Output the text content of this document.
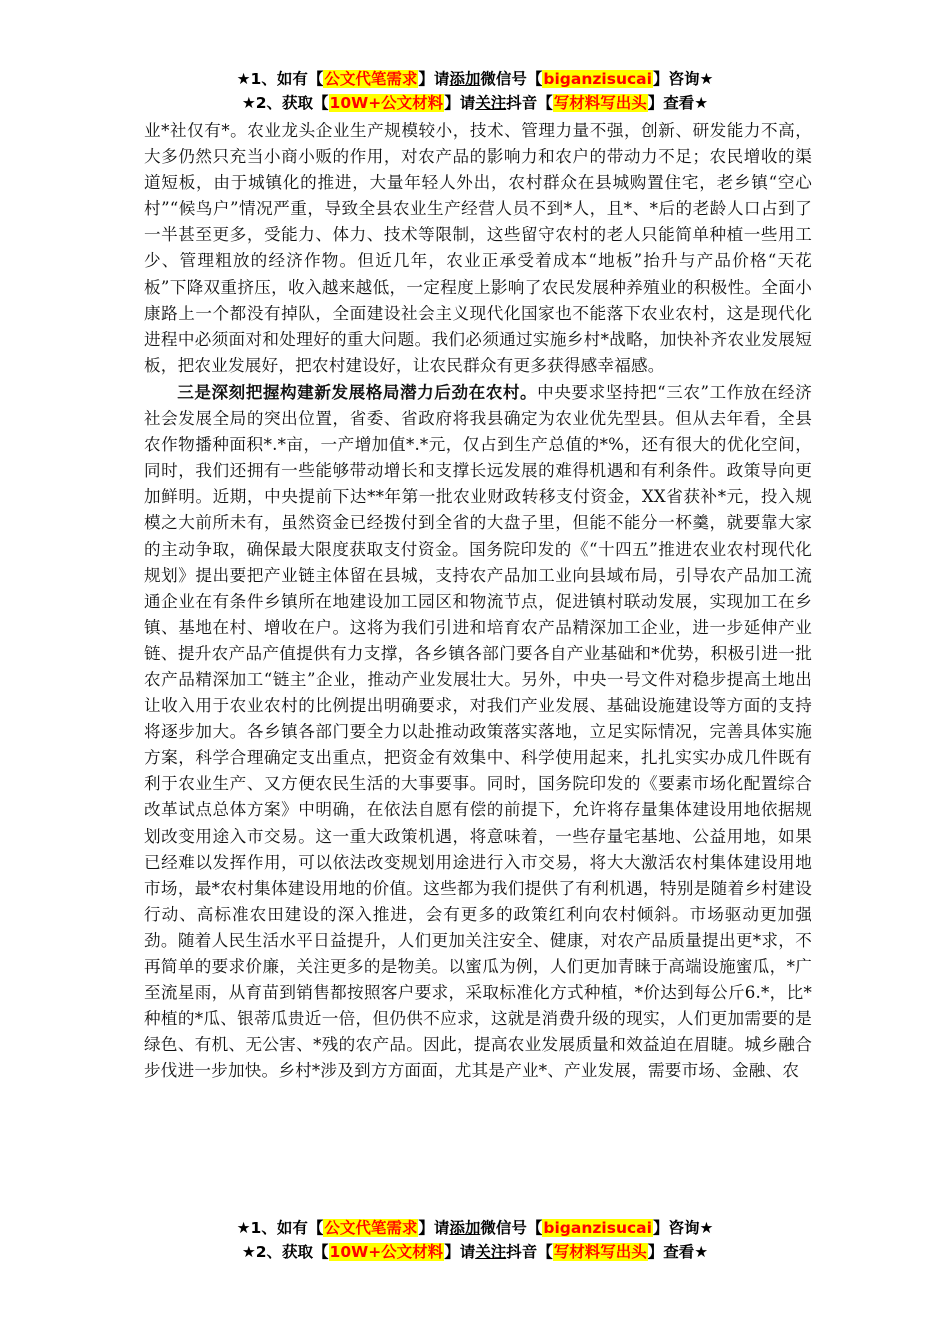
★1、如有【公文代笔需求】请添加微信号【biganzisucai】咨询★
★2、获取【10W+公文材料】请关注抖音【写材料写出头】查看★

业*社仅有*。农业龙头企业生产规模较小，技术、管理力量不强，创新、研发能力不高，大多仍然只充当小商小贩的作用，对农产品的影响力和农户的带动力不足；农民增收的渠道短板，由于城镇化的推进，大量年轻人外出，农村群众在县城购置住宅，老乡镇“空心村”“候鸟户”情况严重，导致全县农业生产经营人员不到*人，且*、*后的老龄人口占到了一半甚至更多，受能力、体力、技术等限制，这些留守农村的老人只能简单种植一些用工少、管理粗放的经济作物。但近几年，农业正承受着成本“地板”抬升与产品价格“天花板”下降双重挤压，收入越来越低，一定程度上影响了农民发展种养殖业的积极性。全面小康路上一个都没有掉队，全面建设社会主义现代化国家也不能落下农业农村，这是现代化进程中必须面对和处理好的重大问题。我们必须通过实施乡村*战略，加快补齐农业发展短板，把农业发展好，把农村建设好，让农民群众有更多获得感幸福感。

三是深刻把握构建新发展格局潜力后劲在农村。中央要求坚持把“三农”工作放在经济社会发展全局的突出位置，省委、省政府将我县确定为农业优先型县。但从去年看，全县农作物播种面积*.*亩，一产增加值*.*元，仅占到生产总值的*%，还有很大的优化空间，同时，我们还拥有一些能够带动增长和支撑长远发展的难得机遇和有利条件。政策导向更加鲜明。近期，中央提前下达**年第一批农业财政转移支付资金，XX省获补*元，投入规模之大前所未有，虽然资金已经拨付到全省的大盘子里，但能不能分一杯羹，就要靠大家的主动争取，确保最大限度获取支付资金。国务院印发的《“十四五”推进农业农村现代化规划》提出要把产业链主体留在县城，支持农产品加工业向县域布局，引导农产品加工流通企业在有条件乡镇所在地建设加工园区和物流节点，促进镇村联动发展，实现加工在乡镇、基地在村、增收在户。这将为我们引进和培育农产品精深加工企业，进一步延伸产业链、提升农产品产值提供有力支撑，各乡镇各部门要各自产业基础和*优势，积极引进一批农产品精深加工“链主”企业，推动产业发展壮大。另外，中央一号文件对稳步提高土地出让收入用于农业农村的比例提出明确要求，对我们产业发展、基础设施建设等方面的支持将逐步加大。各乡镇各部门要全力以赴推动政策落实落地，立足实际情况，完善具体实施方案，科学合理确定支出重点，把资金有效集中、科学使用起来，扎扎实实办成几件既有利于农业生产、又方便农民生活的大事要事。同时，国务院印发的《要素市场化配置综合改革试点总体方案》中明确，在依法自愿有偿的前提下，允许将存量集体建设用地依据规划改变用途入市交易。这一重大政策机遇，将意味着，一些存量宅基地、公益用地，如果已经难以发挥作用，可以依法改变规划用途进行入市交易，将大大激活农村集体建设用地市场，最*农村集体建设用地的价值。这些都为我们提供了有利机遇，特别是随着乡村建设行动、高标准农田建设的深入推进，会有更多的政策红利向农村倾斜。市场驱动更加强劲。随着人民生活水平日益提升，人们更加关注安全、健康，对农产品质量提出更*求，不再简单的要求价廉，关注更多的是物美。以蜜瓜为例，人们更加青睐于高端设施蜜瓜，*广至流星雨，从育苗到销售都按照客户要求，采取标准化方式种植，*价达到每公斤6.*，比*种植的*瓜、银蒂瓜贵近一倍，但仍供不应求，这就是消费升级的现实，人们更加需要的是绿色、有机、无公害、*残的农产品。因此，提高农业发展质量和效益迫在眉睫。城乡融合步伐进一步加快。乡村*涉及到方方面面，尤其是产业*、产业发展，需要市场、金融、农

★1、如有【公文代笔需求】请添加微信号【biganzisucai】咨询★
★2、获取【10W+公文材料】请关注抖音【写材料写出头】查看★
